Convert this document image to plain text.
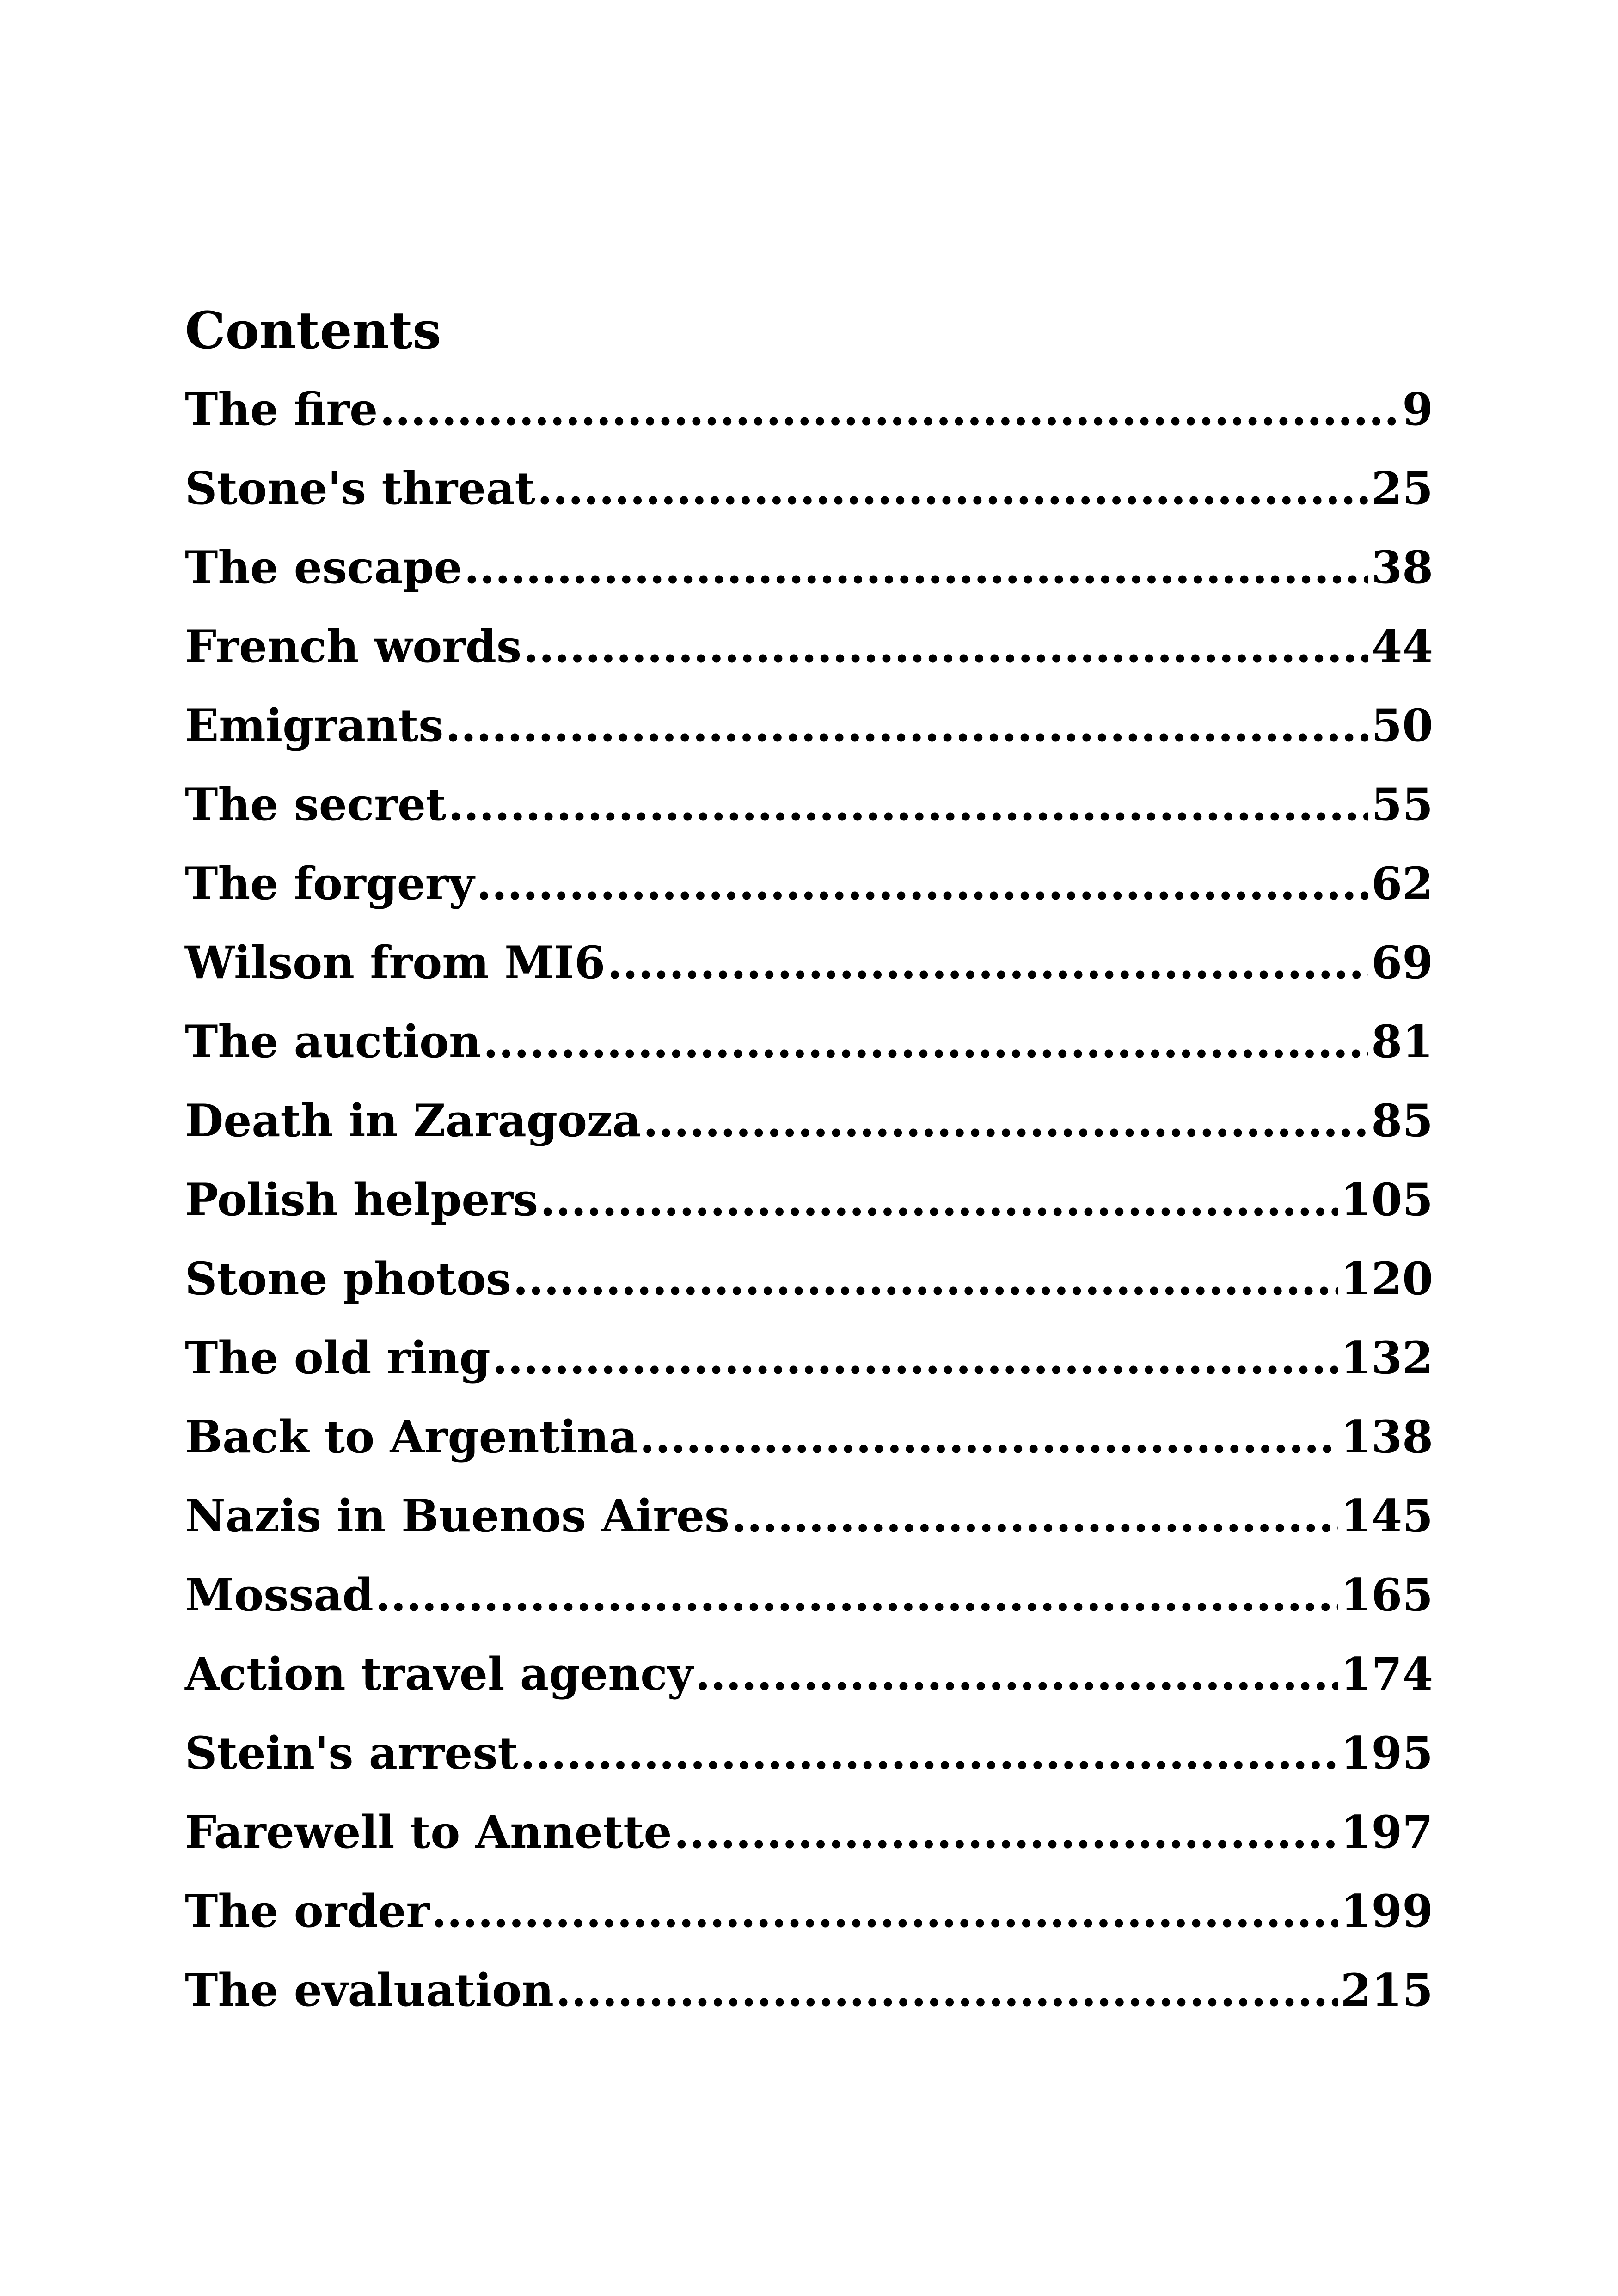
Contents
The fire .....	9
Stone's threat .....	25
The escape .....	38
French words .....	44
Emigrants .....	50
The secret .....	55
The forgery .....	62
Wilson from MI6 .....	69
The auction .....	81
Death in Zaragoza .....	85
Polish helpers .....	105
Stone photos .....	120
The old ring .....	132
Back to Argentina .....	138
Nazis in Buenos Aires .....	145
Mossad .....	165
Action travel agency .....	174
Stein's arrest .....	195
Farewell to Annette .....	197
The order .....	199
The evaluation .....	215
